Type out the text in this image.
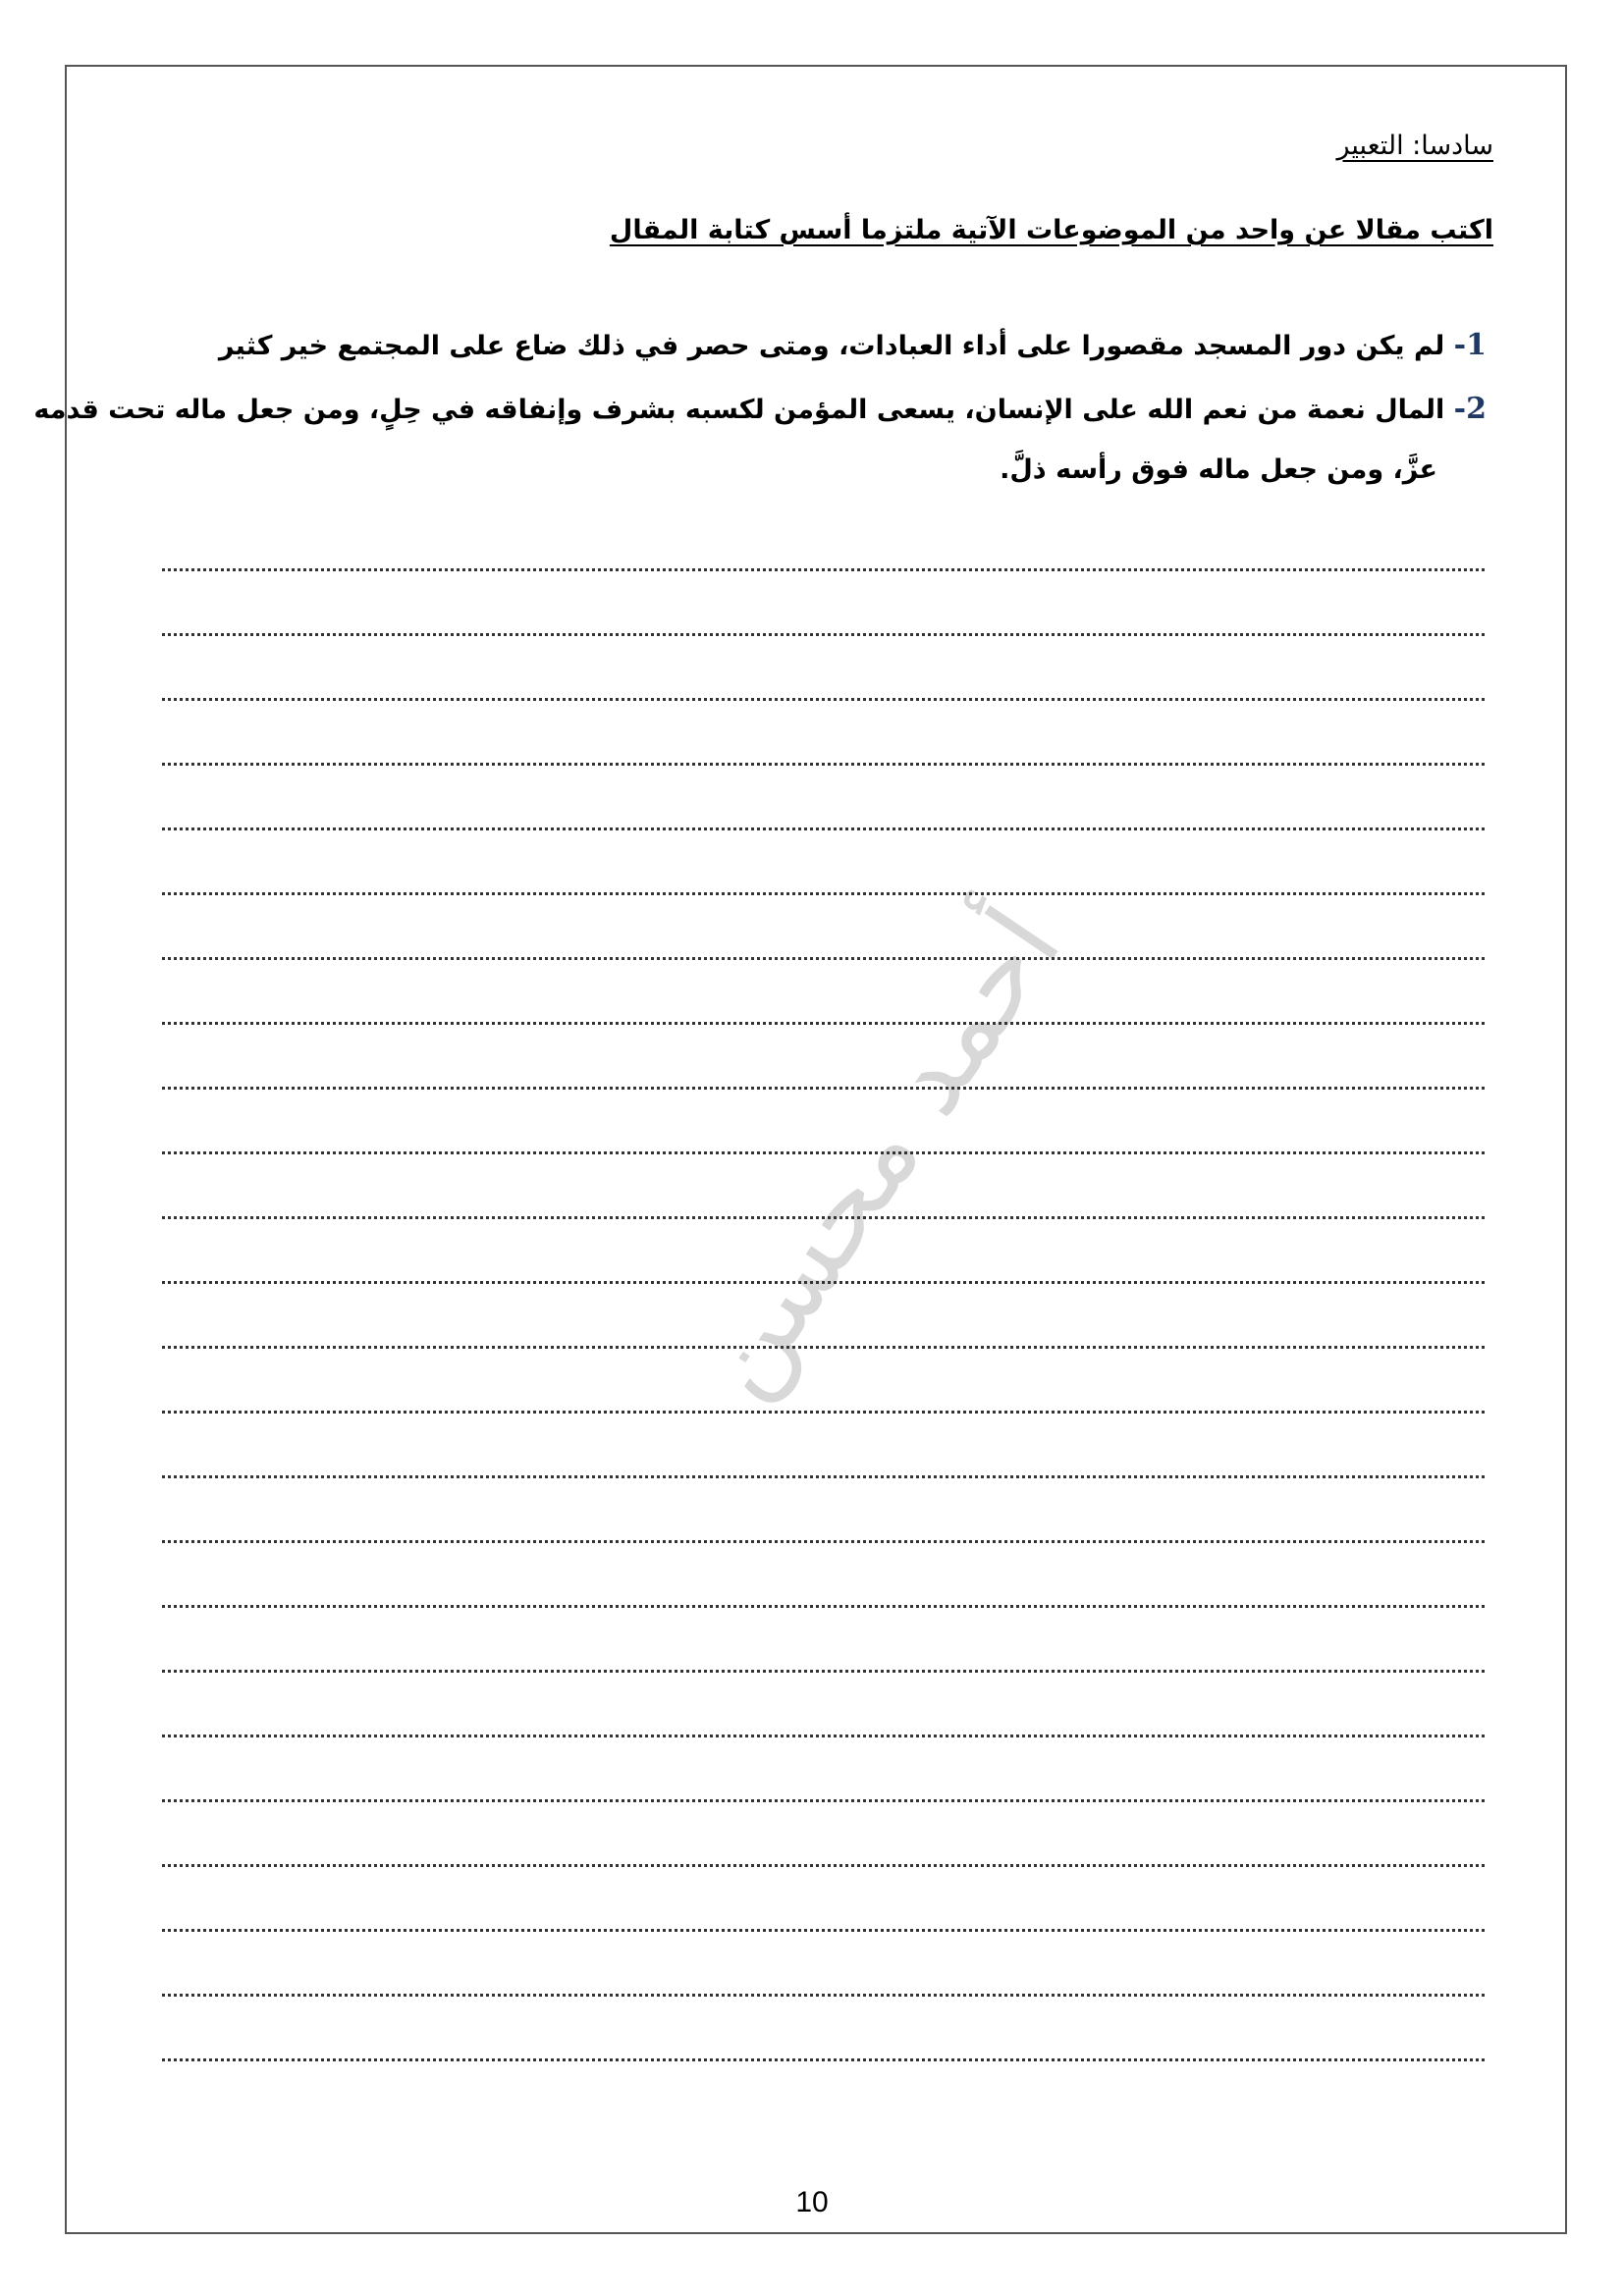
سادسا: التعبير
اكتب مقالا عن واحد من الموضوعات الآتية ملتزما أسس كتابة المقال
1- لم يكن دور المسجد مقصورا على أداء العبادات، ومتى حصر في ذلك ضاع على المجتمع خير كثير
2- المال نعمة من نعم الله على الإنسان، يسعى المؤمن لكسبه بشرف وإنفاقه في حِلٍ، ومن جعل ماله تحت قدمه
عزَّ، ومن جعل ماله فوق رأسه ذلَّ.
أحمد محسن
10
